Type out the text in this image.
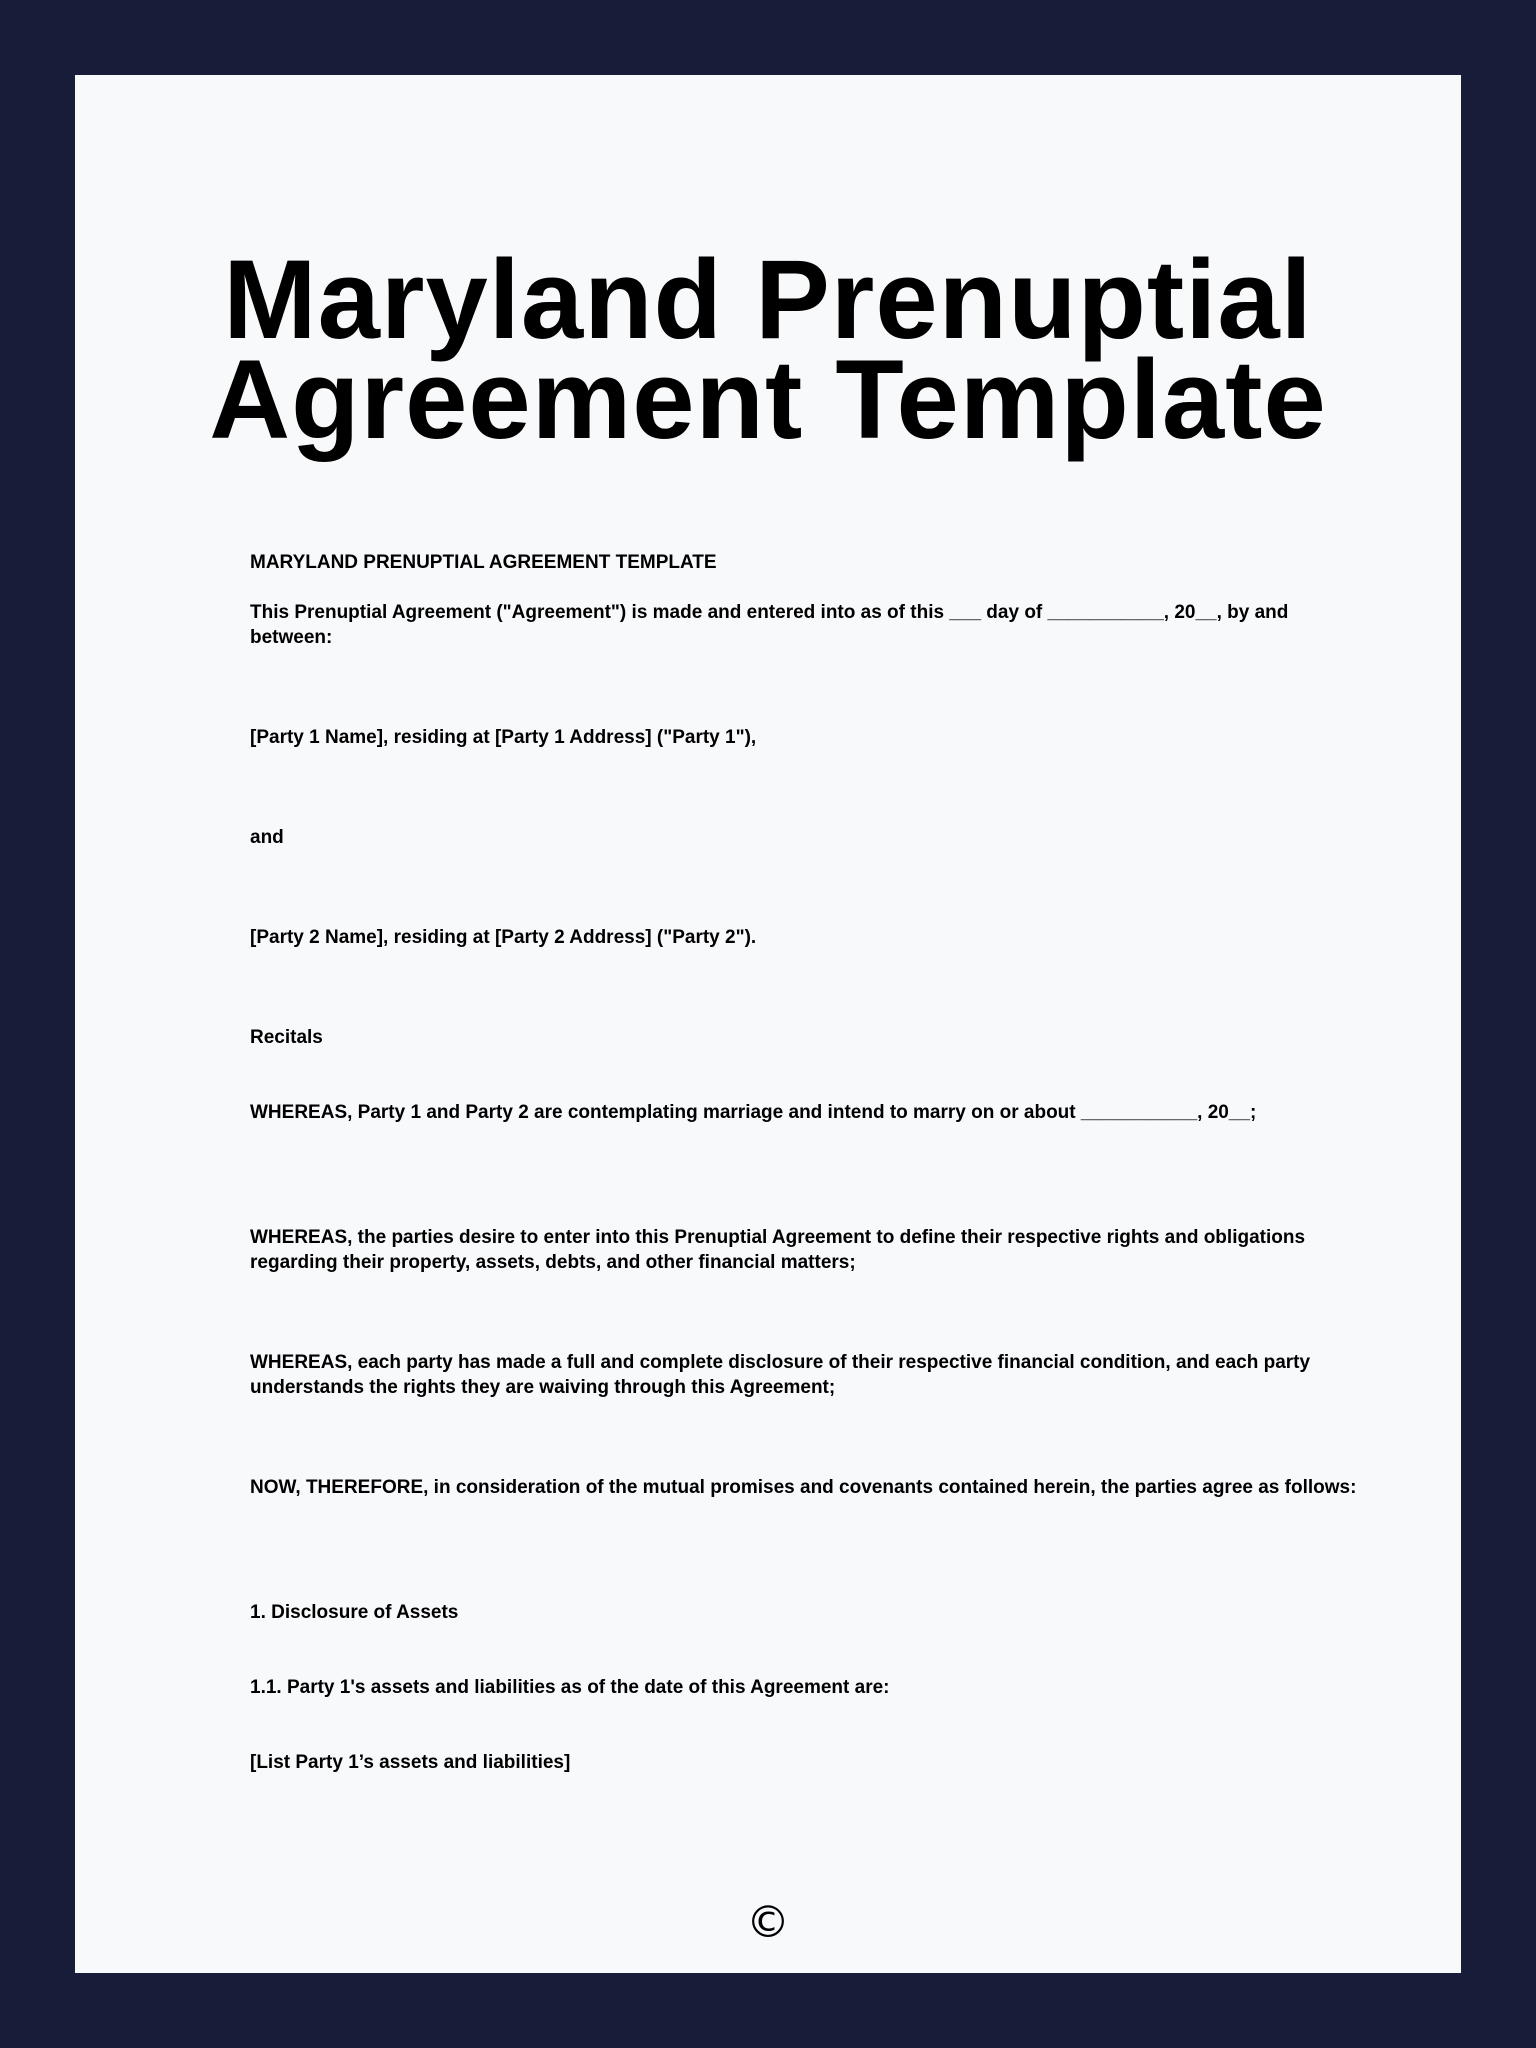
Maryland Prenuptial
Agreement Template

MARYLAND PRENUPTIAL AGREEMENT TEMPLATE

This Prenuptial Agreement ("Agreement") is made and entered into as of this ___ day of ___________, 20__, by and between:

[Party 1 Name], residing at [Party 1 Address] ("Party 1"),

and

[Party 2 Name], residing at [Party 2 Address] ("Party 2").

Recitals

WHEREAS, Party 1 and Party 2 are contemplating marriage and intend to marry on or about ___________, 20__;

WHEREAS, the parties desire to enter into this Prenuptial Agreement to define their respective rights and obligations regarding their property, assets, debts, and other financial matters;

WHEREAS, each party has made a full and complete disclosure of their respective financial condition, and each party understands the rights they are waiving through this Agreement;

NOW, THEREFORE, in consideration of the mutual promises and covenants contained herein, the parties agree as follows:

1. Disclosure of Assets

1.1. Party 1's assets and liabilities as of the date of this Agreement are:

[List Party 1’s assets and liabilities]

©
